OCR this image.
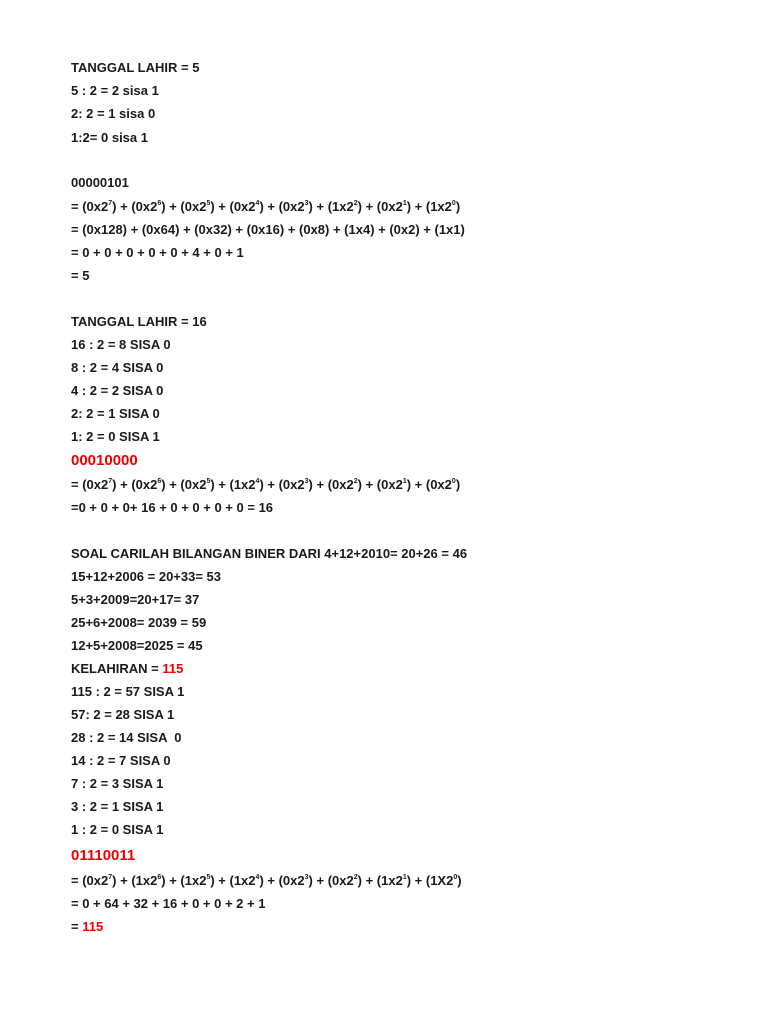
TANGGAL LAHIR = 5
5 : 2 = 2 sisa 1
2: 2 = 1 sisa 0
1:2= 0 sisa 1
00000101
= $(0x2^7) + (0x2^6) + (0x2^5) + (0x2^4) + (0x2^3) + (1x2^2) + (0x2^1) + (1x2^0)$
= (0x128) + (0x64) + (0x32) + (0x16) + (0x8) + (1x4) + (0x2) + (1x1)
= 0 + 0 + 0 + 0 + 0 + 4 + 0 + 1
= 5
TANGGAL LAHIR = 16
16 : 2 = 8 SISA 0
8 : 2 = 4 SISA 0
4 : 2 = 2 SISA 0
2: 2 = 1 SISA 0
1: 2 = 0 SISA 1
00010000
= $(0x2^7) + (0x2^6) + (0x2^5) + (1x2^4) + (0x2^3) + (0x2^2) + (0x2^1) + (0x2^0)$
=0 + 0 + 0+ 16 + 0 + 0 + 0 + 0 = 16
SOAL CARILAH BILANGAN BINER DARI 4+12+2010= 20+26 = 46
15+12+2006 = 20+33= 53
5+3+2009=20+17= 37
25+6+2008= 2039 = 59
12+5+2008=2025 = 45
KELAHIRAN = 115
115 : 2 = 57 SISA 1
57: 2 = 28 SISA 1
28 : 2 = 14 SISA  0
14 : 2 = 7 SISA 0
7 : 2 = 3 SISA 1
3 : 2 = 1 SISA 1
1 : 2 = 0 SISA 1
01110011
= $(0x2^7) + (1x2^6) + (1x2^5) + (1x2^4) + (0x2^3) + (0x2^2) + (1x2^1) + (1X2^0)$
= 0 + 64 + 32 + 16 + 0 + 0 + 2 + 1
= 115
